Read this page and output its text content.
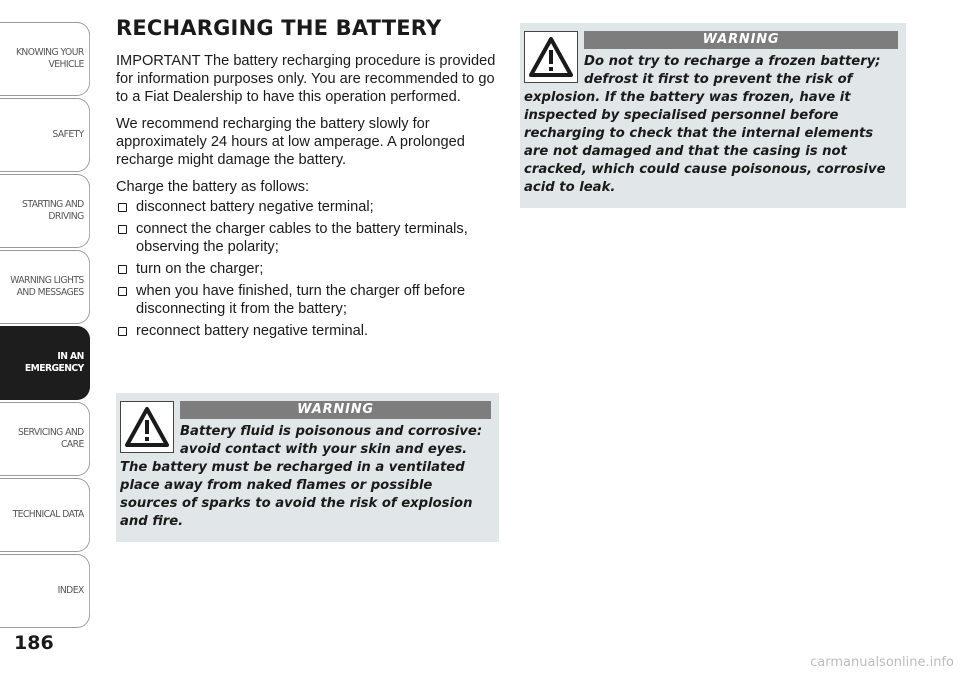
KNOWING YOUR
VEHICLE
SAFETY
STARTING AND
DRIVING
WARNING LIGHTS
AND MESSAGES
IN AN
EMERGENCY
SERVICING AND
CARE
TECHNICAL DATA
INDEX
186
RECHARGING THE BATTERY

IMPORTANT The battery recharging procedure is provided for information purposes only. You are recommended to go to a Fiat Dealership to have this operation performed.

We recommend recharging the battery slowly for approximately 24 hours at low amperage. A prolonged recharge might damage the battery.

Charge the battery as follows:

disconnect battery negative terminal;
connect the charger cables to the battery terminals, observing the polarity;
turn on the charger;
when you have finished, turn the charger off before disconnecting it from the battery;
reconnect battery negative terminal.
WARNING
Battery fluid is poisonous and corrosive: avoid contact with your skin and eyes. The battery must be recharged in a ventilated place away from naked flames or possible sources of sparks to avoid the risk of explosion and fire.
WARNING
Do not try to recharge a frozen battery; defrost it first to prevent the risk of explosion. If the battery was frozen, have it inspected by specialised personnel before recharging to check that the internal elements are not damaged and that the casing is not cracked, which could cause poisonous, corrosive acid to leak.
carmanualsonline.info
